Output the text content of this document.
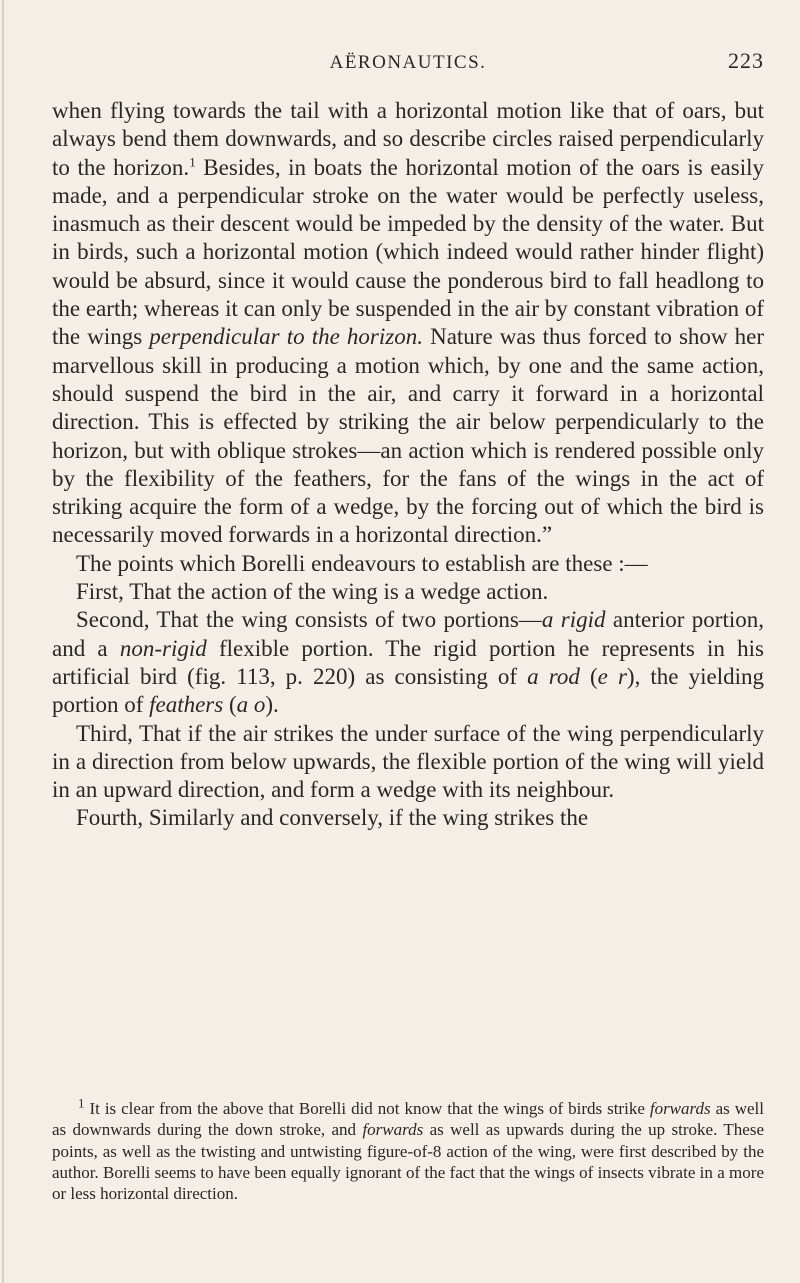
AËRONAUTICS.	223

when flying towards the tail with a horizontal motion like that of oars, but always bend them downwards, and so describe circles raised perpendicularly to the horizon.$^1$ Besides, in boats the horizontal motion of the oars is easily made, and a perpendicular stroke on the water would be perfectly useless, inasmuch as their descent would be impeded by the density of the water. But in birds, such a horizontal motion (which indeed would rather hinder flight) would be absurd, since it would cause the ponderous bird to fall headlong to the earth; whereas it can only be suspended in the air by constant vibration of the wings perpendicular to the horizon. Nature was thus forced to show her marvellous skill in producing a motion which, by one and the same action, should suspend the bird in the air, and carry it forward in a horizontal direction. This is effected by striking the air below perpendicularly to the horizon, but with oblique strokes—an action which is rendered possible only by the flexibility of the feathers, for the fans of the wings in the act of striking acquire the form of a wedge, by the forcing out of which the bird is necessarily moved forwards in a horizontal direction.”

The points which Borelli endeavours to establish are these :—

First, That the action of the wing is a wedge action.

Second, That the wing consists of two portions—a rigid anterior portion, and a non-rigid flexible portion. The rigid portion he represents in his artificial bird (fig. 113, p. 220) as consisting of a rod (e r), the yielding portion of feathers (a o).

Third, That if the air strikes the under surface of the wing perpendicularly in a direction from below upwards, the flexible portion of the wing will yield in an upward direction, and form a wedge with its neighbour.

Fourth, Similarly and conversely, if the wing strikes the

$^1$ It is clear from the above that Borelli did not know that the wings of birds strike forwards as well as downwards during the down stroke, and forwards as well as upwards during the up stroke. These points, as well as the twisting and untwisting figure-of-8 action of the wing, were first described by the author. Borelli seems to have been equally ignorant of the fact that the wings of insects vibrate in a more or less horizontal direction.
